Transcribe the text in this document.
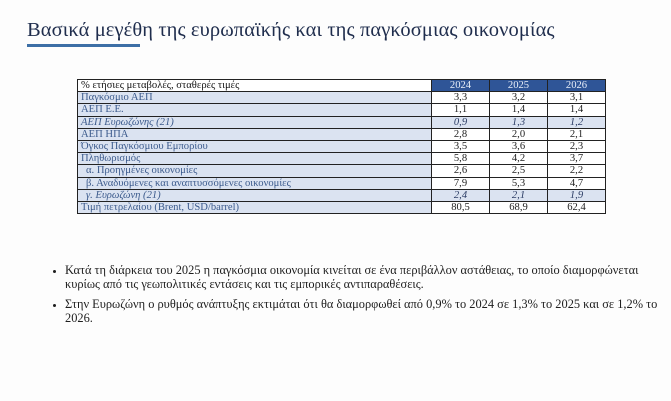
Βασικά μεγέθη της ευρωπαϊκής και της παγκόσμιας οικονομίας
% ετήσιες μεταβολές, σταθερές τιμές	2024	2025	2026
Παγκόσμιο ΑΕΠ	3,3	3,2	3,1
ΑΕΠ Ε.Ε.	1,1	1,4	1,4
ΑΕΠ Ευρωζώνης (21)	0,9	1,3	1,2
ΑΕΠ ΗΠΑ	2,8	2,0	2,1
Όγκος Παγκόσμιου Εμπορίου	3,5	3,6	2,3
Πληθωρισμός	5,8	4,2	3,7
α. Προηγμένες οικονομίες	2,6	2,5	2,2
β. Αναδυόμενες και αναπτυσσόμενες οικονομίες	7,9	5,3	4,7
γ. Ευρωζώνη (21)	2,4	2,1	1,9
Τιμή πετρελαίου (Brent, USD/barrel)	80,5	68,9	62,4
• Κατά τη διάρκεια του 2025 η παγκόσμια οικονομία κινείται σε ένα περιβάλλον αστάθειας, το οποίο διαμορφώνεται κυρίως από τις γεωπολιτικές εντάσεις και τις εμπορικές αντιπαραθέσεις.
• Στην Ευρωζώνη ο ρυθμός ανάπτυξης εκτιμάται ότι θα διαμορφωθεί από 0,9% το 2024 σε 1,3% το 2025 και σε 1,2% το 2026.
